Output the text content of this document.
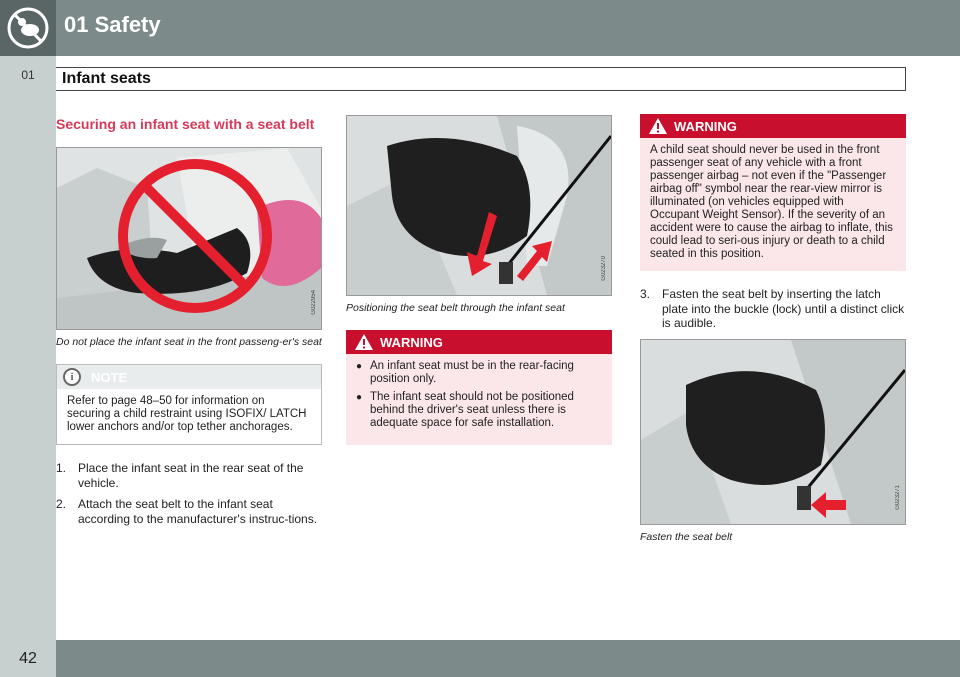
01 Safety
01	Infant seats
Securing an infant seat with a seat belt
G022954
Do not place the infant seat in the front passeng-er's seat
i	NOTE
Refer to page 48–50 for information on securing a child restraint using ISOFIX/ LATCH lower anchors and/or top tether anchorages.
1. Place the infant seat in the rear seat of the vehicle.
2. Attach the seat belt to the infant seat according to the manufacturer's instruc-tions.
G023270
Positioning the seat belt through the infant seat
WARNING
● An infant seat must be in the rear-facing position only.
● The infant seat should not be positioned behind the driver's seat unless there is adequate space for safe installation.
WARNING
A child seat should never be used in the front passenger seat of any vehicle with a front passenger airbag – not even if the "Passenger airbag off" symbol near the rear-view mirror is illuminated (on vehicles equipped with Occupant Weight Sensor). If the severity of an accident were to cause the airbag to inflate, this could lead to seri-ous injury or death to a child seated in this position.
3. Fasten the seat belt by inserting the latch plate into the buckle (lock) until a distinct click is audible.
G023271
Fasten the seat belt
42
